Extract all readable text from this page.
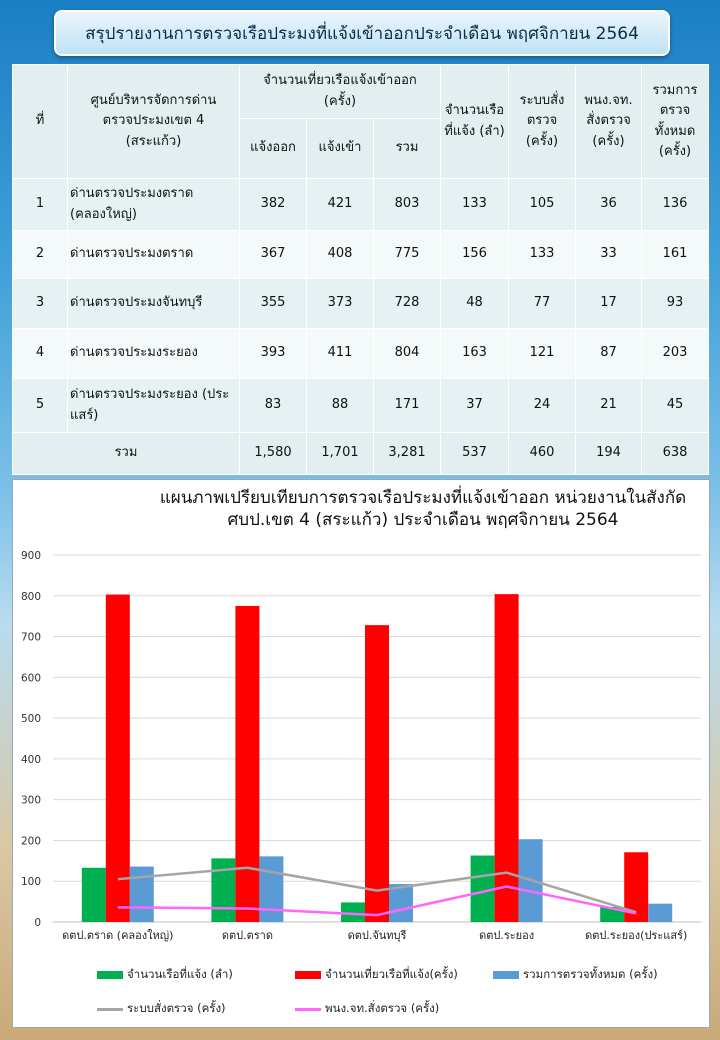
สรุปรายงานการตรวจเรือประมงที่แจ้งเข้าออกประจำเดือน พฤศจิกายน 2564
ที่	ศูนย์บริหารจัดการด่านตรวจประมงเขต 4 (สระแก้ว)	จำนวนเที่ยวเรือแจ้งเข้าออก (ครั้ง)			จำนวนเรือที่แจ้ง (ลำ)	ระบบสั่งตรวจ (ครั้ง)	พนง.จท. สั่งตรวจ (ครั้ง)	รวมการตรวจทั้งหมด (ครั้ง)
		แจ้งออก	แจ้งเข้า	รวม				
1	ด่านตรวจประมงตราด (คลองใหญ่)	382	421	803	133	105	36	136
2	ด่านตรวจประมงตราด	367	408	775	156	133	33	161
3	ด่านตรวจประมงจันทบุรี	355	373	728	48	77	17	93
4	ด่านตรวจประมงระยอง	393	411	804	163	121	87	203
5	ด่านตรวจประมงระยอง (ประแสร์)	83	88	171	37	24	21	45
รวม		1,580	1,701	3,281	537	460	194	638
0
100
200
300
400
500
600
700
800
900
ดตป.ตราด (คลองใหญ่)	ดตป.ตราด	ดตป.จันทบุรี	ดตป.ระยอง	ดตป.ระยอง(ประแสร์)
แผนภาพเปรียบเทียบการตรวจเรือประมงที่แจ้งเข้าออก หน่วยงานในสังกัด
ศบป.เขต 4 (สระแก้ว) ประจำเดือน พฤศจิกายน 2564
จำนวนเรือที่แจ้ง (ลำ)	จำนวนเที่ยวเรือที่แจ้ง(ครั้ง)	รวมการตรวจทั้งหมด (ครั้ง)
ระบบสั่งตรวจ (ครั้ง)	พนง.จท.สั่งตรวจ (ครั้ง)
